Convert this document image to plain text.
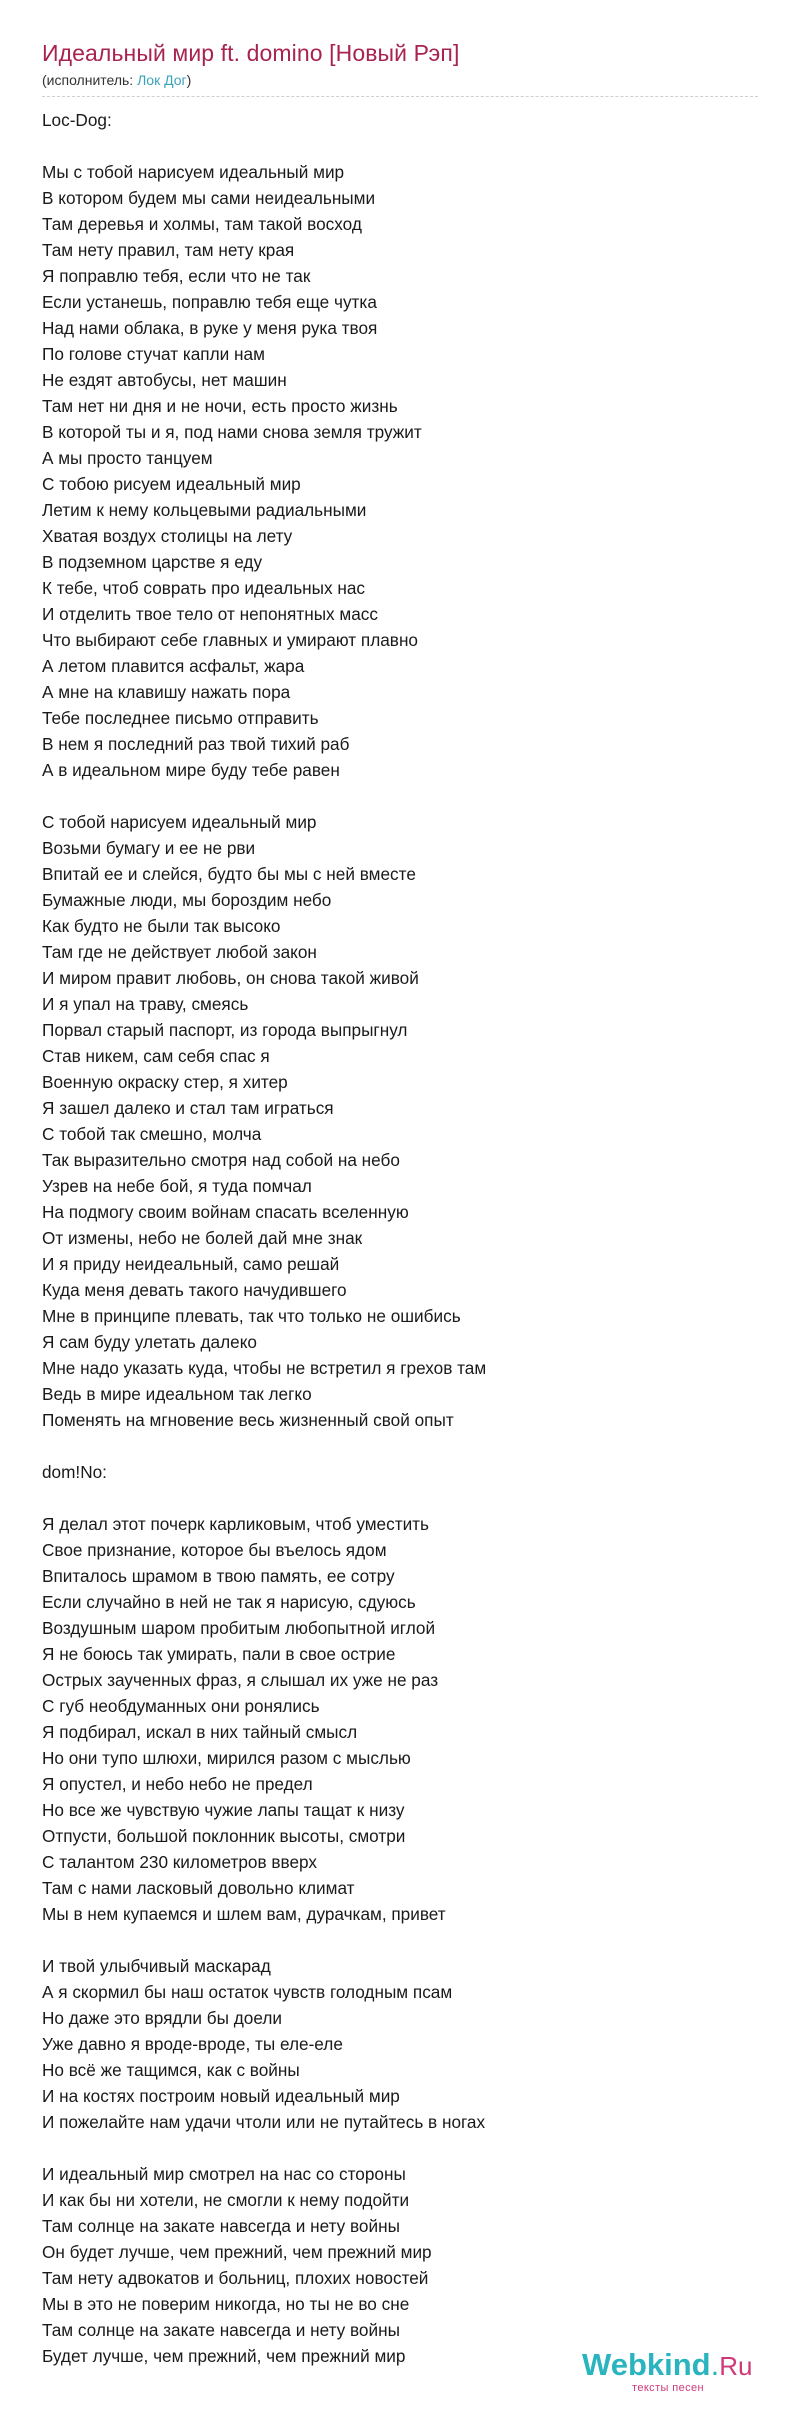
Идеальный мир ft. domino [Новый Рэп]
(исполнитель: Лок Дог)
Loc-Dog:
Мы с тобой нарисуем идеальный мир
В котором будем мы сами неидеальными
Там деревья и холмы, там такой восход
Там нету правил, там нету края
Я поправлю тебя, если что не так
Если устанешь, поправлю тебя еще чутка
Над нами облака, в руке у меня рука твоя
По голове стучат капли нам
Не ездят автобусы, нет машин
Там нет ни дня и не ночи, есть просто жизнь
В которой ты и я, под нами снова земля тружит
А мы просто танцуем
С тобою рисуем идеальный мир
Летим к нему кольцевыми радиальными
Хватая воздух столицы на лету
В подземном царстве я еду
К тебе, чтоб соврать про идеальных нас
И отделить твое тело от непонятных масс
Что выбирают себе главных и умирают плавно
А летом плавится асфальт, жара
А мне на клавишу нажать пора
Тебе последнее письмо отправить
В нем я последний раз твой тихий раб
А в идеальном мире буду тебе равен
С тобой нарисуем идеальный мир
Возьми бумагу и ее не рви
Впитай ее и слейся, будто бы мы с ней вместе
Бумажные люди, мы бороздим небо
Как будто не были так высоко
Там где не действует любой закон
И миром правит любовь, он снова такой живой
И я упал на траву, смеясь
Порвал старый паспорт, из города выпрыгнул
Став никем, сам себя спас я
Военную окраску стер, я хитер
Я зашел далеко и стал там играться
С тобой так смешно, молча
Так выразительно смотря над собой на небо
Узрев на небе бой, я туда помчал
На подмогу своим войнам спасать вселенную
От измены, небо не болей дай мне знак
И я приду неидеальный, само решай
Куда меня девать такого начудившего
Мне в принципе плевать, так что только не ошибись
Я сам буду улетать далеко
Мне надо указать куда, чтобы не встретил я грехов там
Ведь в мире идеальном так легко
Поменять на мгновение весь жизненный свой опыт
dom!No:
Я делал этот почерк карликовым, чтоб уместить
Свое признание, которое бы въелось ядом
Впиталось шрамом в твою память, ее сотру
Если случайно в ней не так я нарисую, сдуюсь
Воздушным шаром пробитым любопытной иглой
Я не боюсь так умирать, пали в свое острие
Острых заученных фраз, я слышал их уже не раз
С губ необдуманных они ронялись
Я подбирал, искал в них тайный смысл
Но они тупо шлюхи, мирился разом с мыслью
Я опустел, и небо небо не предел
Но все же чувствую чужие лапы тащат к низу
Отпусти, большой поклонник высоты, смотри
С талантом 230 километров вверх
Там с нами ласковый довольно климат
Мы в нем купаемся и шлем вам, дурачкам, привет
И твой улыбчивый маскарад
А я скормил бы наш остаток чувств голодным псам
Но даже это врядли бы доели
Уже давно я вроде-вроде, ты еле-еле
Но всё же тащимся, как с войны
И на костях построим новый идеальный мир
И пожелайте нам удачи чтоли или не путайтесь в ногах
И идеальный мир смотрел на нас со стороны
И как бы ни хотели, не смогли к нему подойти
Там солнце на закате навсегда и нету войны
Он будет лучше, чем прежний, чем прежний мир
Там нету адвокатов и больниц, плохих новостей
Мы в это не поверим никогда, но ты не во сне
Там солнце на закате навсегда и нету войны
Будет лучше, чем прежний, чем прежний мир	Webkind.Ru
тексты песен
